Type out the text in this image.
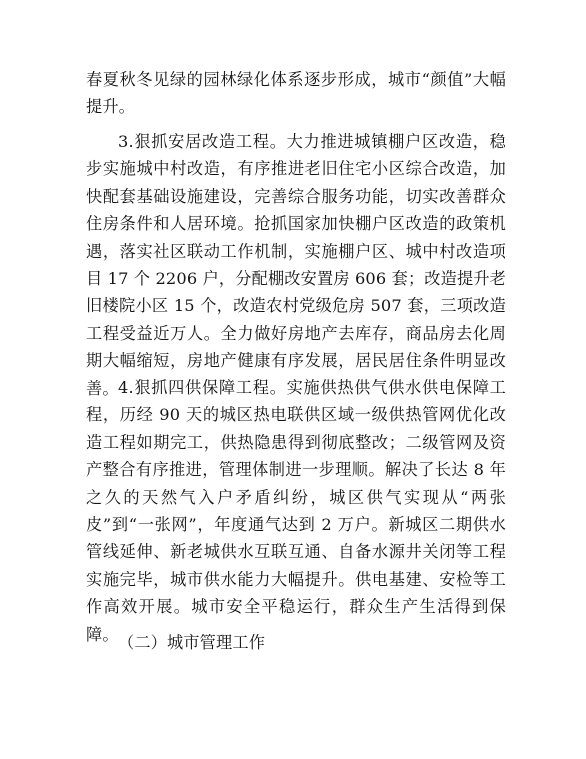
春夏秋冬见绿的园林绿化体系逐步形成，城市“颜值”大幅提升。

3.狠抓安居改造工程。大力推进城镇棚户区改造，稳步实施城中村改造，有序推进老旧住宅小区综合改造，加快配套基础设施建设，完善综合服务功能，切实改善群众住房条件和人居环境。抢抓国家加快棚户区改造的政策机遇，落实社区联动工作机制，实施棚户区、城中村改造项目 17 个 2206 户，分配棚改安置房 606 套；改造提升老旧楼院小区 15 个，改造农村党级危房 507 套，三项改造工程受益近万人。全力做好房地产去库存，商品房去化周期大幅缩短，房地产健康有序发展，居民居住条件明显改善。 4.狠抓四供保障工程。实施供热供气供水供电保障工程，历经 90 天的城区热电联供区域一级供热管网优化改造工程如期完工，供热隐患得到彻底整改；二级管网及资产整合有序推进，管理体制进一步理顺。解决了长达 8 年之久的天然气入户矛盾纠纷，城区供气实现从“两张皮”到“一张网”，年度通气达到 2 万户。新城区二期供水管线延伸、新老城供水互联互通、自备水源井关闭等工程实施完毕，城市供水能力大幅提升。供电基建、安检等工作高效开展。城市安全平稳运行，群众生产生活得到保障。 （二）城市管理工作
